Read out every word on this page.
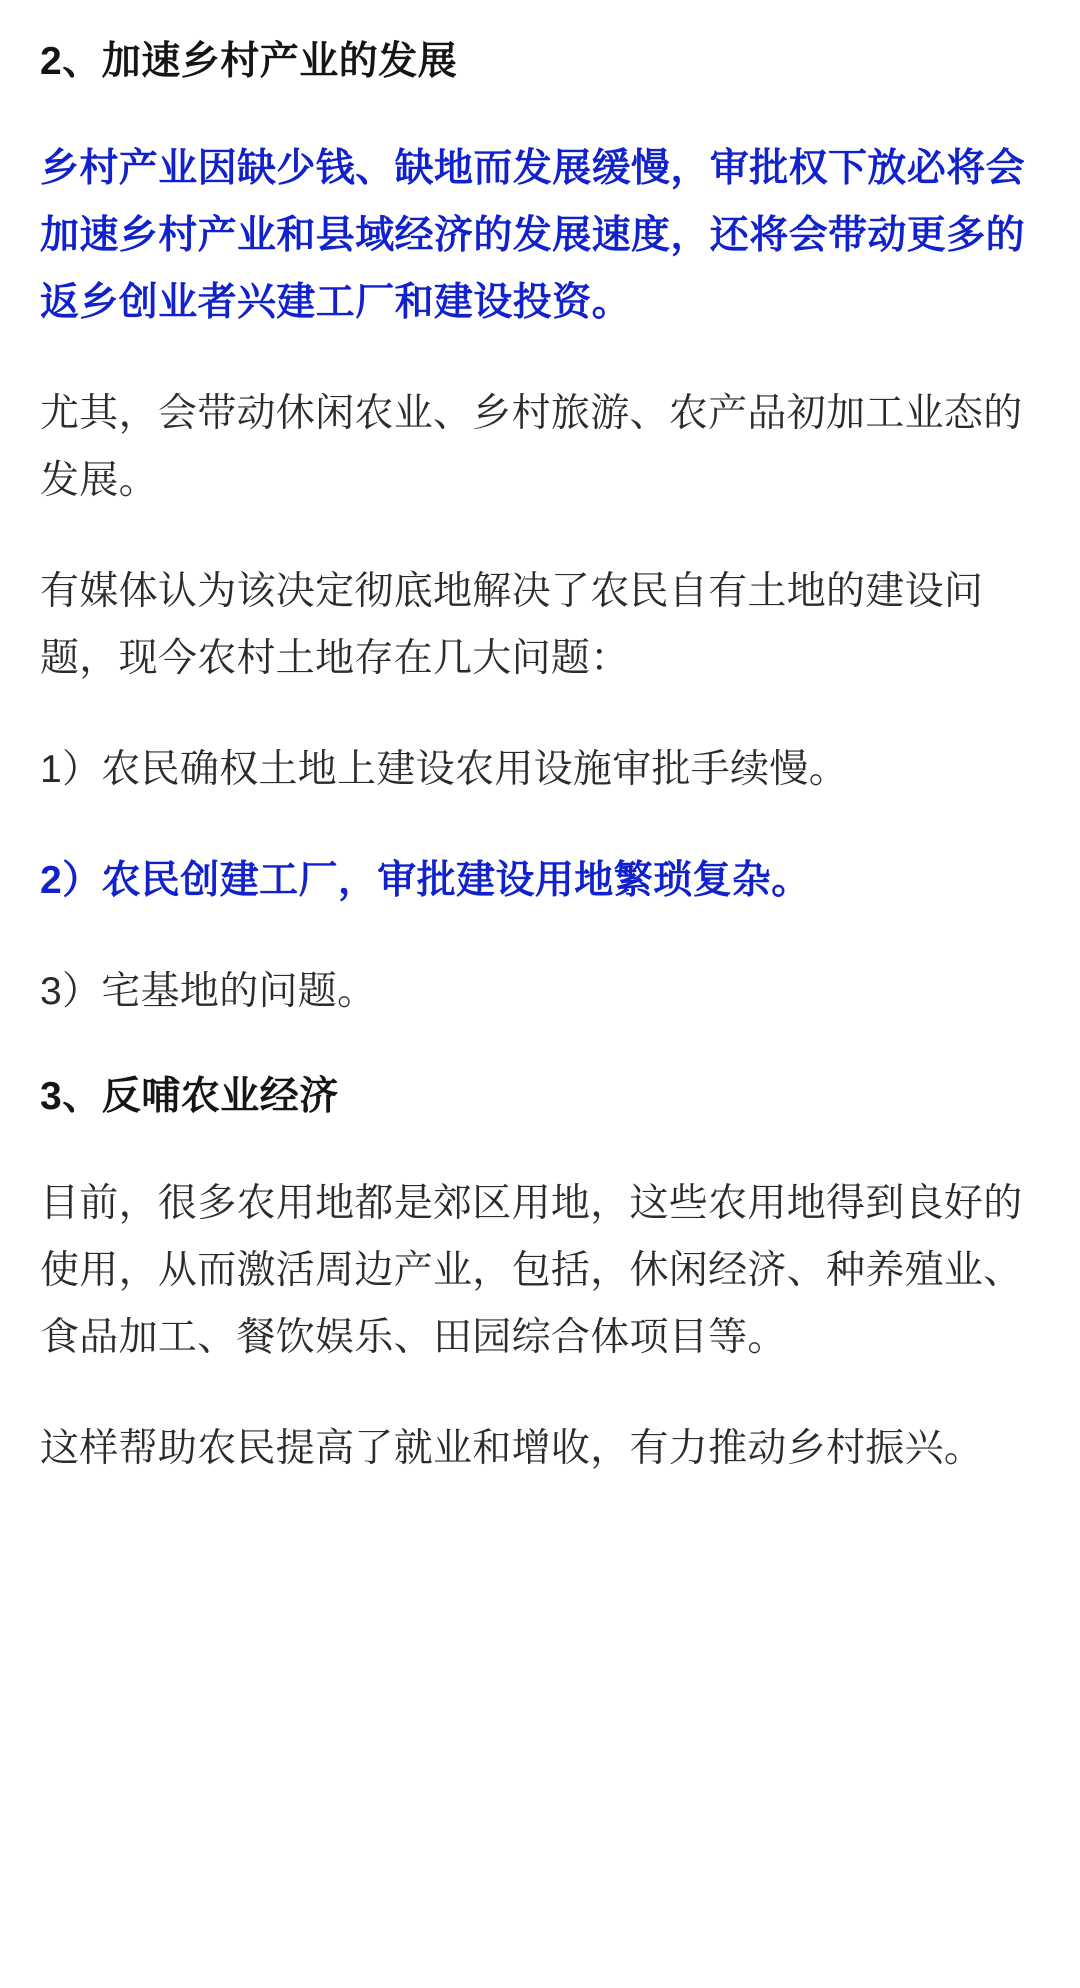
2、加速乡村产业的发展
乡村产业因缺少钱、缺地而发展缓慢，审批权下放必将会加速乡村产业和县域经济的发展速度，还将会带动更多的返乡创业者兴建工厂和建设投资。
尤其，会带动休闲农业、乡村旅游、农产品初加工业态的发展。
有媒体认为该决定彻底地解决了农民自有土地的建设问题，现今农村土地存在几大问题：
1）农民确权土地上建设农用设施审批手续慢。
2）农民创建工厂，审批建设用地繁琐复杂。
3）宅基地的问题。
3、反哺农业经济
目前，很多农用地都是郊区用地，这些农用地得到良好的使用，从而激活周边产业，包括，休闲经济、种养殖业、食品加工、餐饮娱乐、田园综合体项目等。
这样帮助农民提高了就业和增收，有力推动乡村振兴。
